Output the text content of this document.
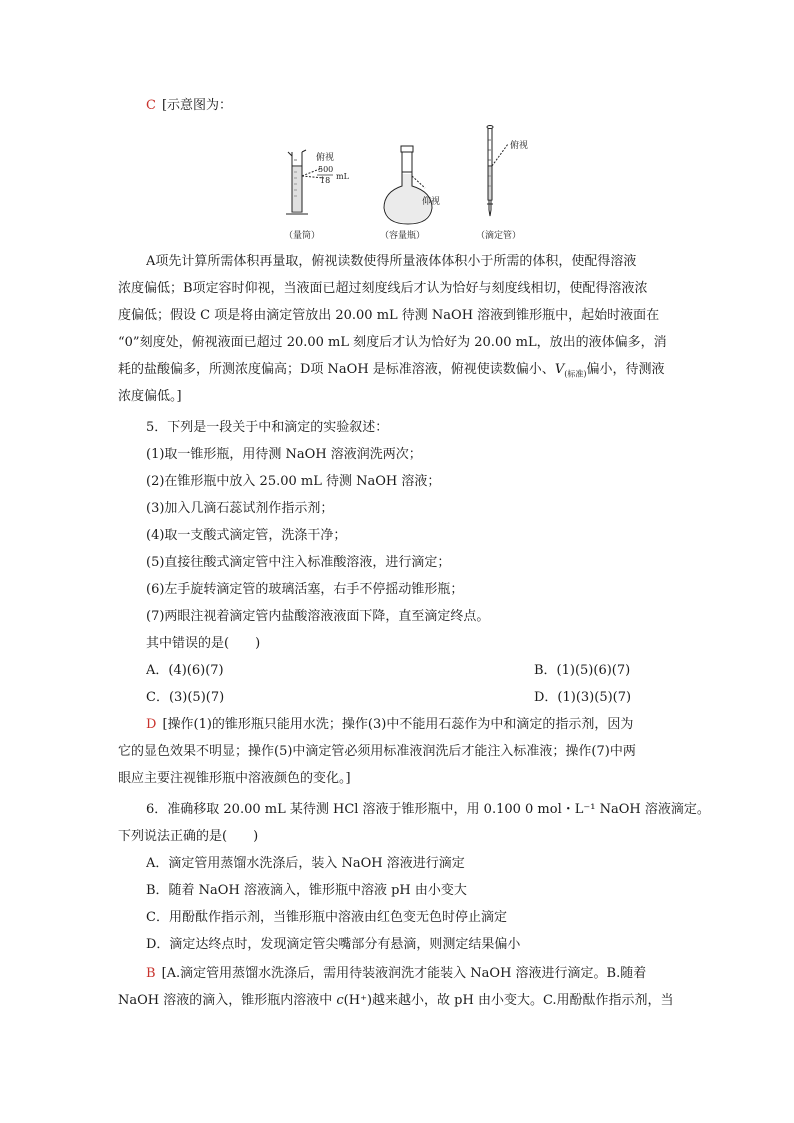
C [示意图为：
俯视
500
18 mL
仰视
俯视
（量筒）	（容量瓶）	（滴定管）
A项先计算所需体积再量取，俯视读数使得所量液体体积小于所需的体积，使配得溶液
浓度偏低；B项定容时仰视，当液面已超过刻度线后才认为恰好与刻度线相切，使配得溶液浓
度偏低；假设 C 项是将由滴定管放出 20.00 mL 待测 NaOH 溶液到锥形瓶中，起始时液面在
“0”刻度处，俯视液面已超过 20.00 mL 刻度后才认为恰好为 20.00 mL，放出的液体偏多，消
耗的盐酸偏多，所测浓度偏高；D项 NaOH 是标准溶液，俯视使读数偏小、$V_{(标准)}$偏小，待测液
浓度偏低。]
5．下列是一段关于中和滴定的实验叙述：
(1)取一锥形瓶，用待测 NaOH 溶液润洗两次；
(2)在锥形瓶中放入 25.00 mL 待测 NaOH 溶液；
(3)加入几滴石蕊试剂作指示剂；
(4)取一支酸式滴定管，洗涤干净；
(5)直接往酸式滴定管中注入标准酸溶液，进行滴定；
(6)左手旋转滴定管的玻璃活塞，右手不停摇动锥形瓶；
(7)两眼注视着滴定管内盐酸溶液液面下降，直至滴定终点。
其中错误的是(　　)
A．(4)(6)(7)	B．(1)(5)(6)(7)
C．(3)(5)(7)	D．(1)(3)(5)(7)
D [操作(1)的锥形瓶只能用水洗；操作(3)中不能用石蕊作为中和滴定的指示剂，因为
它的显色效果不明显；操作(5)中滴定管必须用标准液润洗后才能注入标准液；操作(7)中两
眼应主要注视锥形瓶中溶液颜色的变化。]
6．准确移取 20.00 mL 某待测 HCl 溶液于锥形瓶中，用 0.100 0 mol・L⁻¹ NaOH 溶液滴定。
下列说法正确的是(　　)
A．滴定管用蒸馏水洗涤后，装入 NaOH 溶液进行滴定
B．随着 NaOH 溶液滴入，锥形瓶中溶液 pH 由小变大
C．用酚酞作指示剂，当锥形瓶中溶液由红色变无色时停止滴定
D．滴定达终点时，发现滴定管尖嘴部分有悬滴，则测定结果偏小
B [A.滴定管用蒸馏水洗涤后，需用待装液润洗才能装入 NaOH 溶液进行滴定。B.随着
NaOH 溶液的滴入，锥形瓶内溶液中 c(H⁺)越来越小，故 pH 由小变大。C.用酚酞作指示剂，当
